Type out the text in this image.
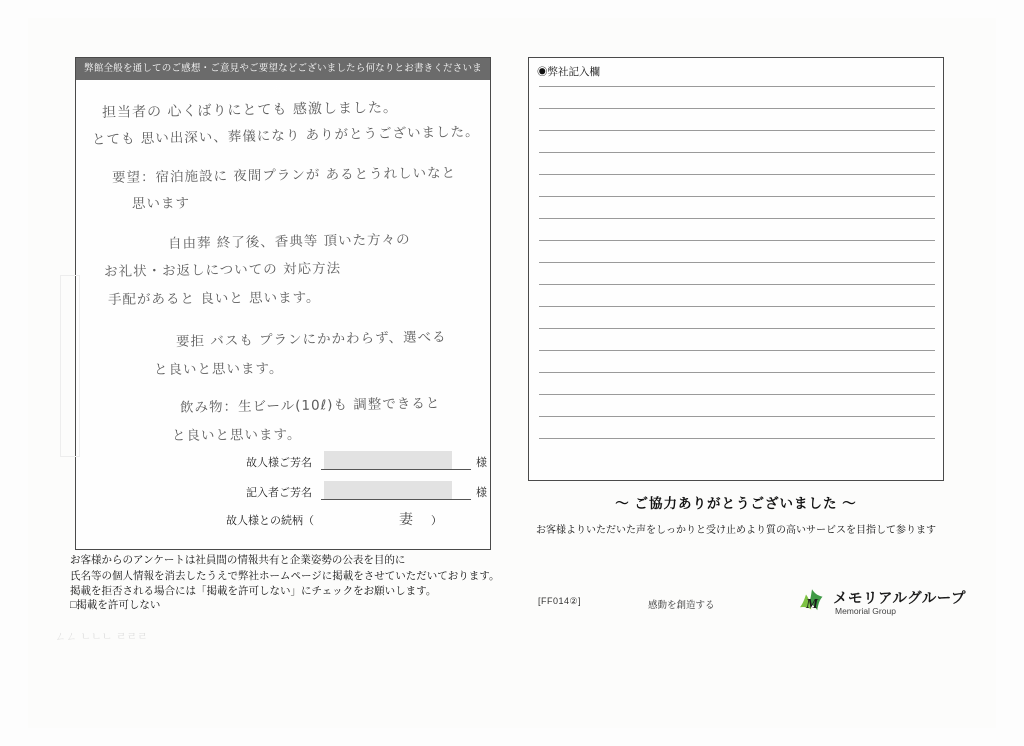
弊館全般を通してのご感想・ご意見やご要望などございましたら何なりとお書きくださいませ。
担当者の 心くばりにとても 感激しました。
とても 思い出深い、葬儀になり ありがとうございました。
要望：宿泊施設に 夜間プランが あるとうれしいなと
思います
自由葬 終了後、香典等 頂いた方々の
お礼状・お返しについての 対応方法
手配があると 良いと 思います。
要拒 バスも プランにかかわらず、選べる
と良いと思います。
飲み物：生ビール(10ℓ)も 調整できると
と良いと思います。
故人様ご芳名	様
記入者ご芳名	様
故人様との続柄（	妻 ）
◉弊社記入欄
～ ご協力ありがとうございました ～
お客様よりいただいた声をしっかりと受け止めより質の高いサービスを目指して参ります
お客様からのアンケートは社員間の情報共有と企業姿勢の公表を目的に
氏名等の個人情報を消去したうえで弊社ホームページに掲載をさせていただいております。
掲載を拒否される場合には「掲載を許可しない」にチェックをお願いします。
□掲載を許可しない	[FF014②]	感動を創造する	M メモリアルグループ
Memorial Group
ㄥㄥ ㄴㄴㄴ ㄹㄹㄹ
